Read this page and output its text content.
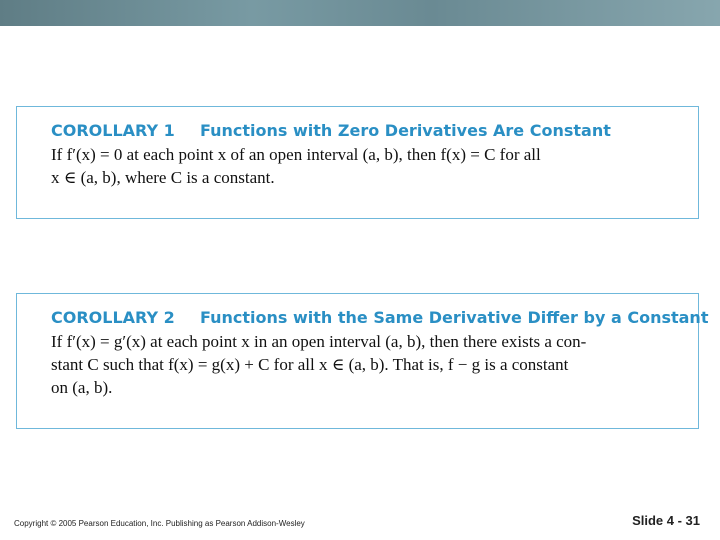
COROLLARY 1 Functions with Zero Derivatives Are Constant

If f′(x) = 0 at each point x of an open interval (a, b), then f(x) = C for all

x ∈ (a, b), where C is a constant.

COROLLARY 2 Functions with the Same Derivative Differ by a Constant

If f′(x) = g′(x) at each point x in an open interval (a, b), then there exists a con-

stant C such that f(x) = g(x) + C for all x ∈ (a, b). That is, f − g is a constant

on (a, b).

Copyright © 2005 Pearson Education, Inc. Publishing as Pearson Addison-Wesley	Slide 4 - 31
